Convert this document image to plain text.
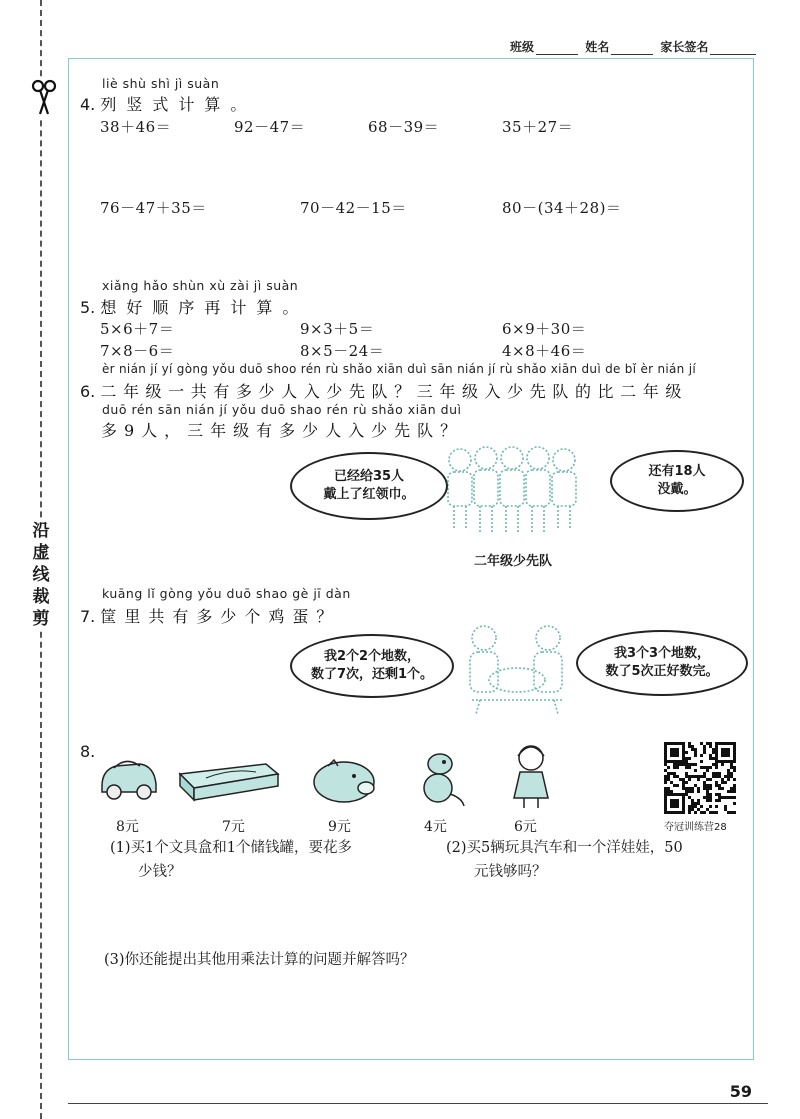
沿
虚
线
裁
剪
班级	姓名	家长签名
liè shù shì jì suàn
4. 列竖式计算。
38＋46＝	92－47＝	68－39＝	35＋27＝
76－47＋35＝	70－42－15＝	80－(34＋28)＝
xiǎng hǎo shùn xù zài jì suàn
5. 想好顺序再计算。
5×6＋7＝	9×3＋5＝	6×9＋30＝
7×8－6＝	8×5－24＝	4×8＋46＝
èr nián jí yí gòng yǒu duō shoo rén rù shǎo xiān duì sān nián jí rù shǎo xiān duì de bǐ èr nián jí
6. 二年级一共有多少人入少先队？三年级入少先队的比二年级
duō rén sān nián jí yǒu duō shao rén rù shǎo xiān duì
多9人，三年级有多少人入少先队？
已经给35人
戴上了红领巾。
还有18人
没戴。
二年级少先队
kuāng lǐ gòng yǒu duō shao gè jī dàn
7. 筐里共有多少个鸡蛋？
我2个2个地数，
数了7次，还剩1个。
我3个3个地数，
数了5次正好数完。
8.
8元	7元	9元	4元	6元	夺冠训练营28
(1)买1个文具盒和1个储钱罐，要花多
少钱？
(2)买5辆玩具汽车和一个洋娃娃，50
元钱够吗？
(3)你还能提出其他用乘法计算的问题并解答吗？
59
